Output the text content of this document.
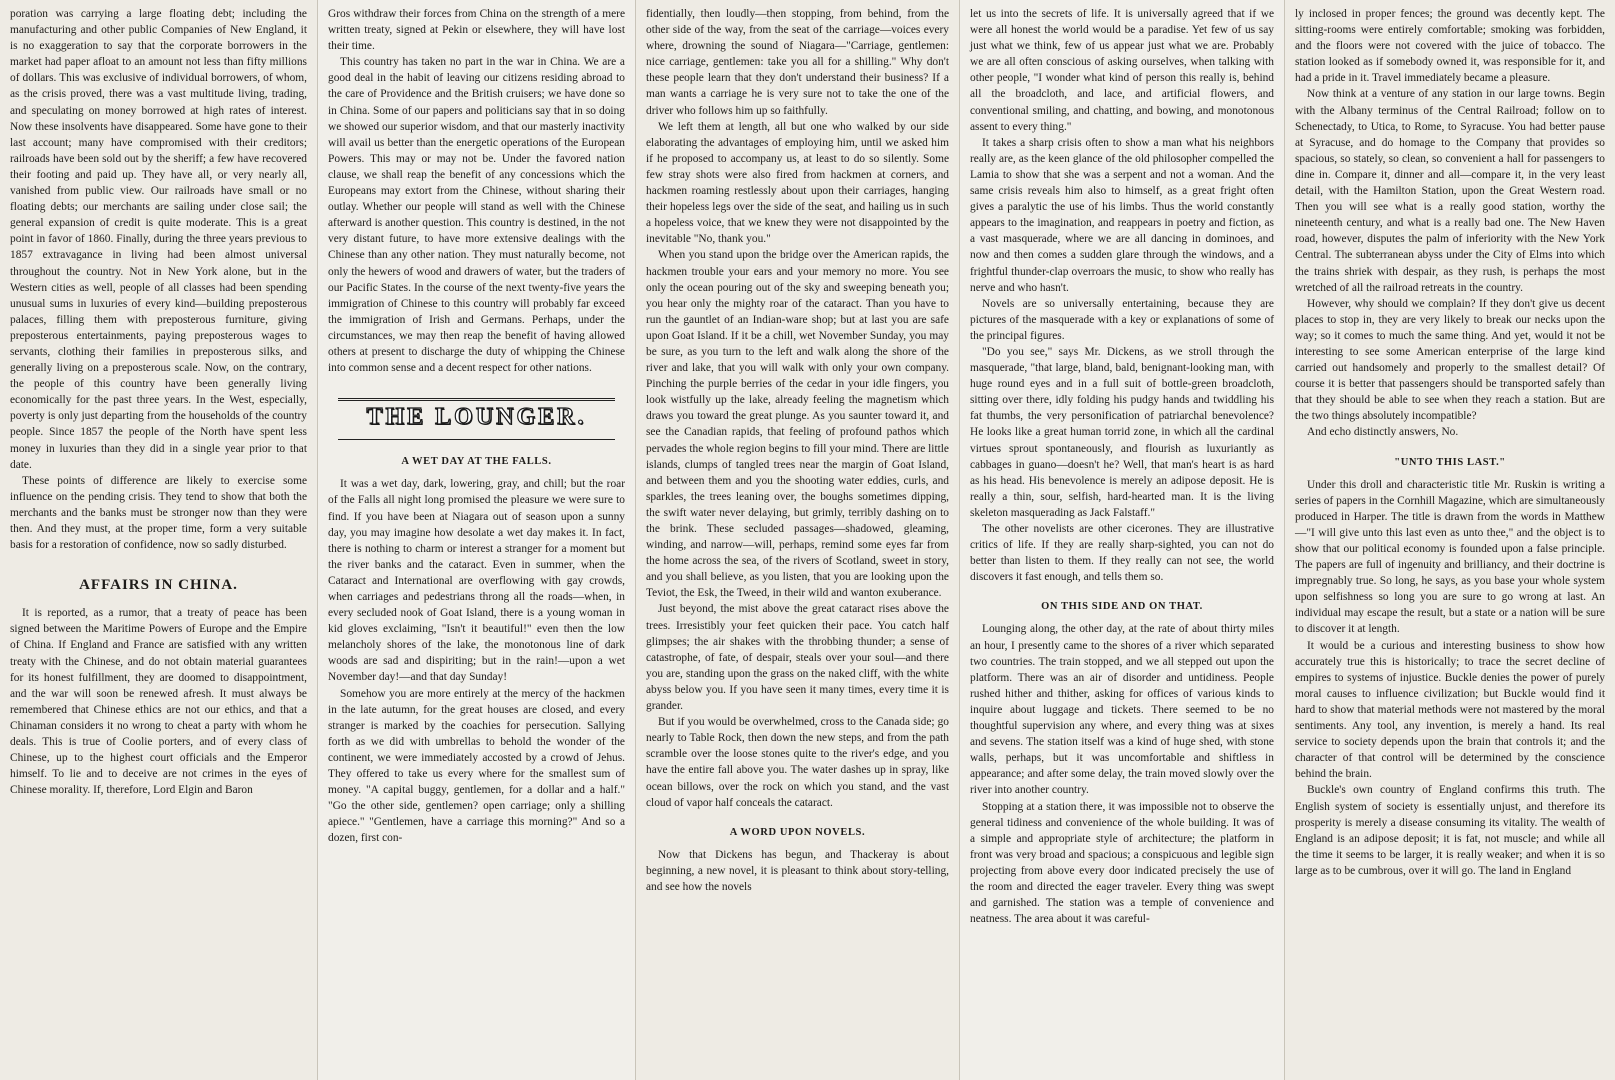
poration was carrying a large floating debt; including the manufacturing and other public Companies of New England, it is no exaggeration to say that the corporate borrowers in the market had paper afloat to an amount not less than fifty millions of dollars. This was exclusive of individual borrowers, of whom, as the crisis proved, there was a vast multitude living, trading, and speculating on money borrowed at high rates of interest. Now these insolvents have disappeared. Some have gone to their last account; many have compromised with their creditors; railroads have been sold out by the sheriff; a few have recovered their footing and paid up. They have all, or very nearly all, vanished from public view. Our railroads have small or no floating debts; our merchants are sailing under close sail; the general expansion of credit is quite moderate. This is a great point in favor of 1860. Finally, during the three years previous to 1857 extravagance in living had been almost universal throughout the country. Not in New York alone, but in the Western cities as well, people of all classes had been spending unusual sums in luxuries of every kind—building preposterous palaces, filling them with preposterous furniture, giving preposterous entertainments, paying preposterous wages to servants, clothing their families in preposterous silks, and generally living on a preposterous scale. Now, on the contrary, the people of this country have been generally living economically for the past three years. In the West, especially, poverty is only just departing from the households of the country people. Since 1857 the people of the North have spent less money in luxuries than they did in a single year prior to that date.

These points of difference are likely to exercise some influence on the pending crisis. They tend to show that both the merchants and the banks must be stronger now than they were then. And they must, at the proper time, form a very suitable basis for a restoration of confidence, now so sadly disturbed.

AFFAIRS IN CHINA.

It is reported, as a rumor, that a treaty of peace has been signed between the Maritime Powers of Europe and the Empire of China. If England and France are satisfied with any written treaty with the Chinese, and do not obtain material guarantees for its honest fulfillment, they are doomed to disappointment, and the war will soon be renewed afresh. It must always be remembered that Chinese ethics are not our ethics, and that a Chinaman considers it no wrong to cheat a party with whom he deals. This is true of Coolie porters, and of every class of Chinese, up to the highest court officials and the Emperor himself. To lie and to deceive are not crimes in the eyes of Chinese morality. If, therefore, Lord Elgin and Baron

Gros withdraw their forces from China on the strength of a mere written treaty, signed at Pekin or elsewhere, they will have lost their time.

This country has taken no part in the war in China. We are a good deal in the habit of leaving our citizens residing abroad to the care of Providence and the British cruisers; we have done so in China. Some of our papers and politicians say that in so doing we showed our superior wisdom, and that our masterly inactivity will avail us better than the energetic operations of the European Powers. This may or may not be. Under the favored nation clause, we shall reap the benefit of any concessions which the Europeans may extort from the Chinese, without sharing their outlay. Whether our people will stand as well with the Chinese afterward is another question. This country is destined, in the not very distant future, to have more extensive dealings with the Chinese than any other nation. They must naturally become, not only the hewers of wood and drawers of water, but the traders of our Pacific States. In the course of the next twenty-five years the immigration of Chinese to this country will probably far exceed the immigration of Irish and Germans. Perhaps, under the circumstances, we may then reap the benefit of having allowed others at present to discharge the duty of whipping the Chinese into common sense and a decent respect for other nations.

THE LOUNGER.
A WET DAY AT THE FALLS.

It was a wet day, dark, lowering, gray, and chill; but the roar of the Falls all night long promised the pleasure we were sure to find. If you have been at Niagara out of season upon a sunny day, you may imagine how desolate a wet day makes it. In fact, there is nothing to charm or interest a stranger for a moment but the river banks and the cataract. Even in summer, when the Cataract and International are overflowing with gay crowds, when carriages and pedestrians throng all the roads—when, in every secluded nook of Goat Island, there is a young woman in kid gloves exclaiming, "Isn't it beautiful!" even then the low melancholy shores of the lake, the monotonous line of dark woods are sad and dispiriting; but in the rain!—upon a wet November day!—and that day Sunday!

Somehow you are more entirely at the mercy of the hackmen in the late autumn, for the great houses are closed, and every stranger is marked by the coachies for persecution. Sallying forth as we did with umbrellas to behold the wonder of the continent, we were immediately accosted by a crowd of Jehus. They offered to take us every where for the smallest sum of money. "A capital buggy, gentlemen, for a dollar and a half." "Go the other side, gentlemen? open carriage; only a shilling apiece." "Gentlemen, have a carriage this morning?" And so a dozen, first con-

fidentially, then loudly—then stopping, from behind, from the other side of the way, from the seat of the carriage—voices every where, drowning the sound of Niagara—"Carriage, gentlemen: nice carriage, gentlemen: take you all for a shilling." Why don't these people learn that they don't understand their business? If a man wants a carriage he is very sure not to take the one of the driver who follows him up so faithfully.

We left them at length, all but one who walked by our side elaborating the advantages of employing him, until we asked him if he proposed to accompany us, at least to do so silently. Some few stray shots were also fired from hackmen at corners, and hackmen roaming restlessly about upon their carriages, hanging their hopeless legs over the side of the seat, and hailing us in such a hopeless voice, that we knew they were not disappointed by the inevitable "No, thank you."

When you stand upon the bridge over the American rapids, the hackmen trouble your ears and your memory no more. You see only the ocean pouring out of the sky and sweeping beneath you; you hear only the mighty roar of the cataract. Than you have to run the gauntlet of an Indian-ware shop; but at last you are safe upon Goat Island. If it be a chill, wet November Sunday, you may be sure, as you turn to the left and walk along the shore of the river and lake, that you will walk with only your own company. Pinching the purple berries of the cedar in your idle fingers, you look wistfully up the lake, already feeling the magnetism which draws you toward the great plunge. As you saunter toward it, and see the Canadian rapids, that feeling of profound pathos which pervades the whole region begins to fill your mind. There are little islands, clumps of tangled trees near the margin of Goat Island, and between them and you the shooting water eddies, curls, and sparkles, the trees leaning over, the boughs sometimes dipping, the swift water never delaying, but grimly, terribly dashing on to the brink. These secluded passages—shadowed, gleaming, winding, and narrow—will, perhaps, remind some eyes far from the home across the sea, of the rivers of Scotland, sweet in story, and you shall believe, as you listen, that you are looking upon the Teviot, the Esk, the Tweed, in their wild and wanton exuberance.

Just beyond, the mist above the great cataract rises above the trees. Irresistibly your feet quicken their pace. You catch half glimpses; the air shakes with the throbbing thunder; a sense of catastrophe, of fate, of despair, steals over your soul—and there you are, standing upon the grass on the naked cliff, with the white abyss below you. If you have seen it many times, every time it is grander.

But if you would be overwhelmed, cross to the Canada side; go nearly to Table Rock, then down the new steps, and from the path scramble over the loose stones quite to the river's edge, and you have the entire fall above you. The water dashes up in spray, like ocean billows, over the rock on which you stand, and the vast cloud of vapor half conceals the cataract.

A WORD UPON NOVELS.

Now that Dickens has begun, and Thackeray is about beginning, a new novel, it is pleasant to think about story-telling, and see how the novels

let us into the secrets of life. It is universally agreed that if we were all honest the world would be a paradise. Yet few of us say just what we think, few of us appear just what we are. Probably we are all often conscious of asking ourselves, when talking with other people, "I wonder what kind of person this really is, behind all the broadcloth, and lace, and artificial flowers, and conventional smiling, and chatting, and bowing, and monotonous assent to every thing."

It takes a sharp crisis often to show a man what his neighbors really are, as the keen glance of the old philosopher compelled the Lamia to show that she was a serpent and not a woman. And the same crisis reveals him also to himself, as a great fright often gives a paralytic the use of his limbs. Thus the world constantly appears to the imagination, and reappears in poetry and fiction, as a vast masquerade, where we are all dancing in dominoes, and now and then comes a sudden glare through the windows, and a frightful thunder-clap overroars the music, to show who really has nerve and who hasn't.

Novels are so universally entertaining, because they are pictures of the masquerade with a key or explanations of some of the principal figures.

"Do you see," says Mr. Dickens, as we stroll through the masquerade, "that large, bland, bald, benignant-looking man, with huge round eyes and in a full suit of bottle-green broadcloth, sitting over there, idly folding his pudgy hands and twiddling his fat thumbs, the very personification of patriarchal benevolence? He looks like a great human torrid zone, in which all the cardinal virtues sprout spontaneously, and flourish as luxuriantly as cabbages in guano—doesn't he? Well, that man's heart is as hard as his head. His benevolence is merely an adipose deposit. He is really a thin, sour, selfish, hard-hearted man. It is the living skeleton masquerading as Jack Falstaff."

The other novelists are other cicerones. They are illustrative critics of life. If they are really sharp-sighted, you can not do better than listen to them. If they really can not see, the world discovers it fast enough, and tells them so.

ON THIS SIDE AND ON THAT.

Lounging along, the other day, at the rate of about thirty miles an hour, I presently came to the shores of a river which separated two countries. The train stopped, and we all stepped out upon the platform. There was an air of disorder and untidiness. People rushed hither and thither, asking for offices of various kinds to inquire about luggage and tickets. There seemed to be no thoughtful supervision any where, and every thing was at sixes and sevens. The station itself was a kind of huge shed, with stone walls, perhaps, but it was uncomfortable and shiftless in appearance; and after some delay, the train moved slowly over the river into another country.

Stopping at a station there, it was impossible not to observe the general tidiness and convenience of the whole building. It was of a simple and appropriate style of architecture; the platform in front was very broad and spacious; a conspicuous and legible sign projecting from above every door indicated precisely the use of the room and directed the eager traveler. Every thing was swept and garnished. The station was a temple of convenience and neatness. The area about it was careful-

ly inclosed in proper fences; the ground was decently kept. The sitting-rooms were entirely comfortable; smoking was forbidden, and the floors were not covered with the juice of tobacco. The station looked as if somebody owned it, was responsible for it, and had a pride in it. Travel immediately became a pleasure.

Now think at a venture of any station in our large towns. Begin with the Albany terminus of the Central Railroad; follow on to Schenectady, to Utica, to Rome, to Syracuse. You had better pause at Syracuse, and do homage to the Company that provides so spacious, so stately, so clean, so convenient a hall for passengers to dine in. Compare it, dinner and all—compare it, in the very least detail, with the Hamilton Station, upon the Great Western road. Then you will see what is a really good station, worthy the nineteenth century, and what is a really bad one. The New Haven road, however, disputes the palm of inferiority with the New York Central. The subterranean abyss under the City of Elms into which the trains shriek with despair, as they rush, is perhaps the most wretched of all the railroad retreats in the country.

However, why should we complain? If they don't give us decent places to stop in, they are very likely to break our necks upon the way; so it comes to much the same thing. And yet, would it not be interesting to see some American enterprise of the large kind carried out handsomely and properly to the smallest detail? Of course it is better that passengers should be transported safely than that they should be able to see when they reach a station. But are the two things absolutely incompatible?

And echo distinctly answers, No.

"UNTO THIS LAST."

Under this droll and characteristic title Mr. Ruskin is writing a series of papers in the Cornhill Magazine, which are simultaneously produced in Harper. The title is drawn from the words in Matthew—"I will give unto this last even as unto thee," and the object is to show that our political economy is founded upon a false principle. The papers are full of ingenuity and brilliancy, and their doctrine is impregnably true. So long, he says, as you base your whole system upon selfishness so long you are sure to go wrong at last. An individual may escape the result, but a state or a nation will be sure to discover it at length.

It would be a curious and interesting business to show how accurately true this is historically; to trace the secret decline of empires to systems of injustice. Buckle denies the power of purely moral causes to influence civilization; but Buckle would find it hard to show that material methods were not mastered by the moral sentiments. Any tool, any invention, is merely a hand. Its real service to society depends upon the brain that controls it; and the character of that control will be determined by the conscience behind the brain.

Buckle's own country of England confirms this truth. The English system of society is essentially unjust, and therefore its prosperity is merely a disease consuming its vitality. The wealth of England is an adipose deposit; it is fat, not muscle; and while all the time it seems to be larger, it is really weaker; and when it is so large as to be cumbrous, over it will go. The land in England
